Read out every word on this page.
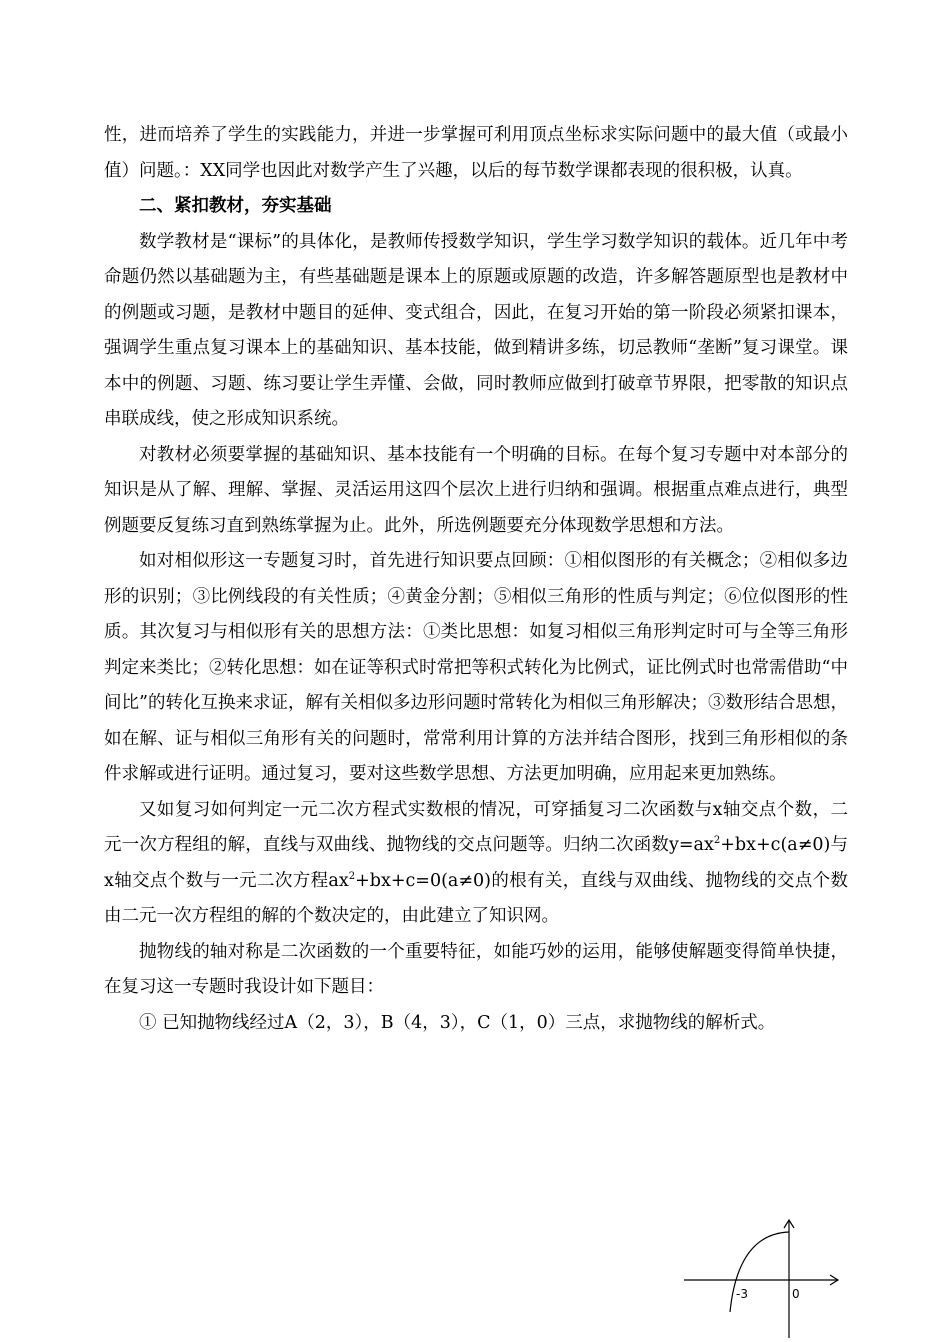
性，进而培养了学生的实践能力，并进一步掌握可利用顶点坐标求实际问题中的最大值（或最小值）问题。：XX同学也因此对数学产生了兴趣，以后的每节数学课都表现的很积极，认真。

二、紧扣教材，夯实基础

数学教材是“课标”的具体化，是教师传授数学知识，学生学习数学知识的载体。近几年中考命题仍然以基础题为主，有些基础题是课本上的原题或原题的改造，许多解答题原型也是教材中的例题或习题，是教材中题目的延伸、变式组合，因此，在复习开始的第一阶段必须紧扣课本，强调学生重点复习课本上的基础知识、基本技能，做到精讲多练，切忌教师“垄断”复习课堂。课本中的例题、习题、练习要让学生弄懂、会做，同时教师应做到打破章节界限，把零散的知识点串联成线，使之形成知识系统。

对教材必须要掌握的基础知识、基本技能有一个明确的目标。在每个复习专题中对本部分的知识是从了解、理解、掌握、灵活运用这四个层次上进行归纳和强调。根据重点难点进行，典型例题要反复练习直到熟练掌握为止。此外，所选例题要充分体现数学思想和方法。

如对相似形这一专题复习时，首先进行知识要点回顾：①相似图形的有关概念；②相似多边形的识别；③比例线段的有关性质；④黄金分割；⑤相似三角形的性质与判定；⑥位似图形的性质。其次复习与相似形有关的思想方法：①类比思想：如复习相似三角形判定时可与全等三角形判定来类比；②转化思想：如在证等积式时常把等积式转化为比例式，证比例式时也常需借助“中间比”的转化互换来求证，解有关相似多边形问题时常转化为相似三角形解决；③数形结合思想，如在解、证与相似三角形有关的问题时，常常利用计算的方法并结合图形，找到三角形相似的条件求解或进行证明。通过复习，要对这些数学思想、方法更加明确，应用起来更加熟练。

又如复习如何判定一元二次方程式实数根的情况，可穿插复习二次函数与x轴交点个数，二元一次方程组的解，直线与双曲线、抛物线的交点问题等。归纳二次函数$y=ax^2+bx+c(a\ne 0)$与x轴交点个数与一元二次方程$ax^2+bx+c=0(a\ne 0)$的根有关，直线与双曲线、抛物线的交点个数由二元一次方程组的解的个数决定的，由此建立了知识网。

抛物线的轴对称是二次函数的一个重要特征，如能巧妙的运用，能够使解题变得简单快捷，在复习这一专题时我设计如下题目：

① 已知抛物线经过A（2，3），B（4，3），C（1，0）三点，求抛物线的解析式。

-3	0
